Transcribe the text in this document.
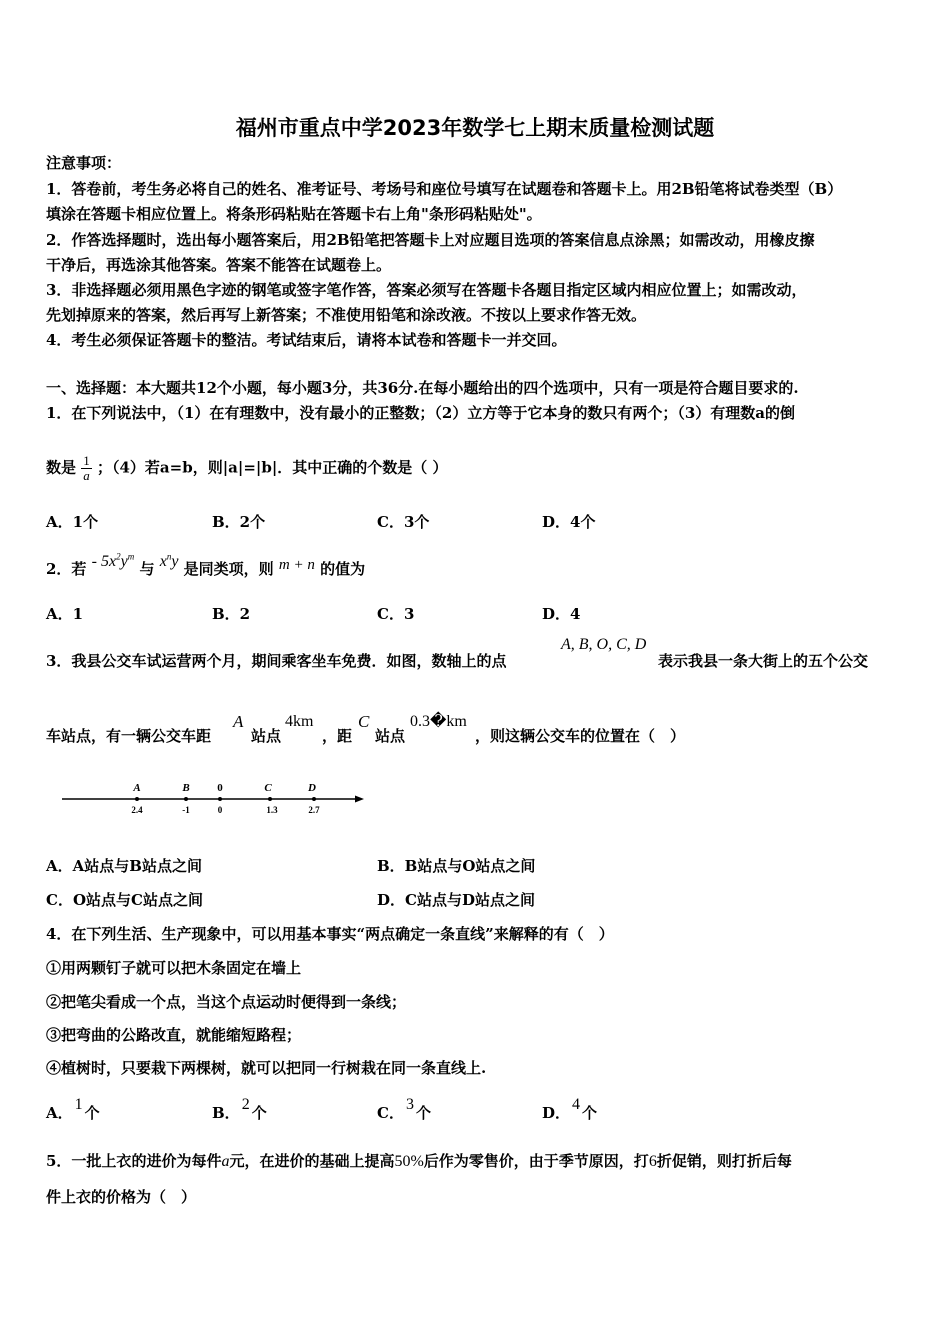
福州市重点中学2023年数学七上期末质量检测试题
注意事项：
1．答卷前，考生务必将自己的姓名、准考证号、考场号和座位号填写在试题卷和答题卡上。用2B铅笔将试卷类型（B）
填涂在答题卡相应位置上。将条形码粘贴在答题卡右上角"条形码粘贴处"。
2．作答选择题时，选出每小题答案后，用2B铅笔把答题卡上对应题目选项的答案信息点涂黑；如需改动，用橡皮擦
干净后，再选涂其他答案。答案不能答在试题卷上。
3．非选择题必须用黑色字迹的钢笔或签字笔作答，答案必须写在答题卡各题目指定区域内相应位置上；如需改动，
先划掉原来的答案，然后再写上新答案；不准使用铅笔和涂改液。不按以上要求作答无效。
4．考生必须保证答题卡的整洁。考试结束后，请将本试卷和答题卡一并交回。
一、选择题：本大题共12个小题，每小题3分，共36分.在每小题给出的四个选项中，只有一项是符合题目要求的.
1．在下列说法中，（1）在有理数中，没有最小的正整数；（2）立方等于它本身的数只有两个；（3）有理数a的倒
数是 $\frac{1}{a}$ ；（4）若a=b，则|a|=|b|．其中正确的个数是（ ）
A．1个	B．2个	C．3个	D．4个
2．若 - $5x^2y^m$ 与 $x^ny$ 是同类项，则 m + n 的值为
A．1	B．2	C．3	D．4
3．我县公交车试运营两个月，期间乘客坐车免费．如图，数轴上的点
A, B, O, C, D
表示我县一条大街上的五个公交
车站点，有一辆公交车距
A
站点
4km
，距
C
站点
0.3�km
，则这辆公交车的位置在（　）
A	B	0	C	D
2.4	-1	0	1.3	2.7
A．A站点与B站点之间	B．B站点与O站点之间
C．O站点与C站点之间	D．C站点与D站点之间
4．在下列生活、生产现象中，可以用基本事实“两点确定一条直线”来解释的有（　）
①用两颗钉子就可以把木条固定在墙上
②把笔尖看成一个点，当这个点运动时便得到一条线；
③把弯曲的公路改直，就能缩短路程；
④植树时，只要栽下两棵树，就可以把同一行树栽在同一条直线上.
A． 1 个	B． 2 个	C． 3 个	D． 4 个
5．一批上衣的进价为每件a元，在进价的基础上提高50%后作为零售价，由于季节原因，打6折促销，则打折后每
件上衣的价格为（　）
